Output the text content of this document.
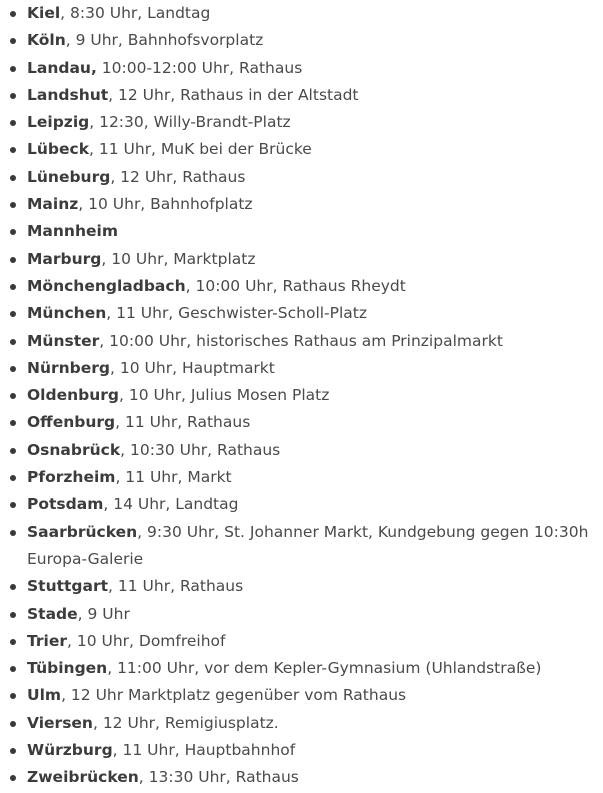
Kiel, 8:30 Uhr, Landtag
Köln, 9 Uhr, Bahnhofsvorplatz
Landau, 10:00-12:00 Uhr, Rathaus
Landshut, 12 Uhr, Rathaus in der Altstadt
Leipzig, 12:30, Willy-Brandt-Platz
Lübeck, 11 Uhr, MuK bei der Brücke
Lüneburg, 12 Uhr, Rathaus
Mainz, 10 Uhr, Bahnhofplatz
Mannheim
Marburg, 10 Uhr, Marktplatz
Mönchengladbach, 10:00 Uhr, Rathaus Rheydt
München, 11 Uhr, Geschwister-Scholl-Platz
Münster, 10:00 Uhr, historisches Rathaus am Prinzipalmarkt
Nürnberg, 10 Uhr, Hauptmarkt
Oldenburg, 10 Uhr, Julius Mosen Platz
Offenburg, 11 Uhr, Rathaus
Osnabrück, 10:30 Uhr, Rathaus
Pforzheim, 11 Uhr, Markt
Potsdam, 14 Uhr, Landtag
Saarbrücken, 9:30 Uhr, St. Johanner Markt, Kundgebung gegen 10:30h Europa-Galerie
Stuttgart, 11 Uhr, Rathaus
Stade, 9 Uhr
Trier, 10 Uhr, Domfreihof
Tübingen, 11:00 Uhr, vor dem Kepler-Gymnasium (Uhlandstraße)
Ulm, 12 Uhr Marktplatz gegenüber vom Rathaus
Viersen, 12 Uhr, Remigiusplatz.
Würzburg, 11 Uhr, Hauptbahnhof
Zweibrücken, 13:30 Uhr, Rathaus
